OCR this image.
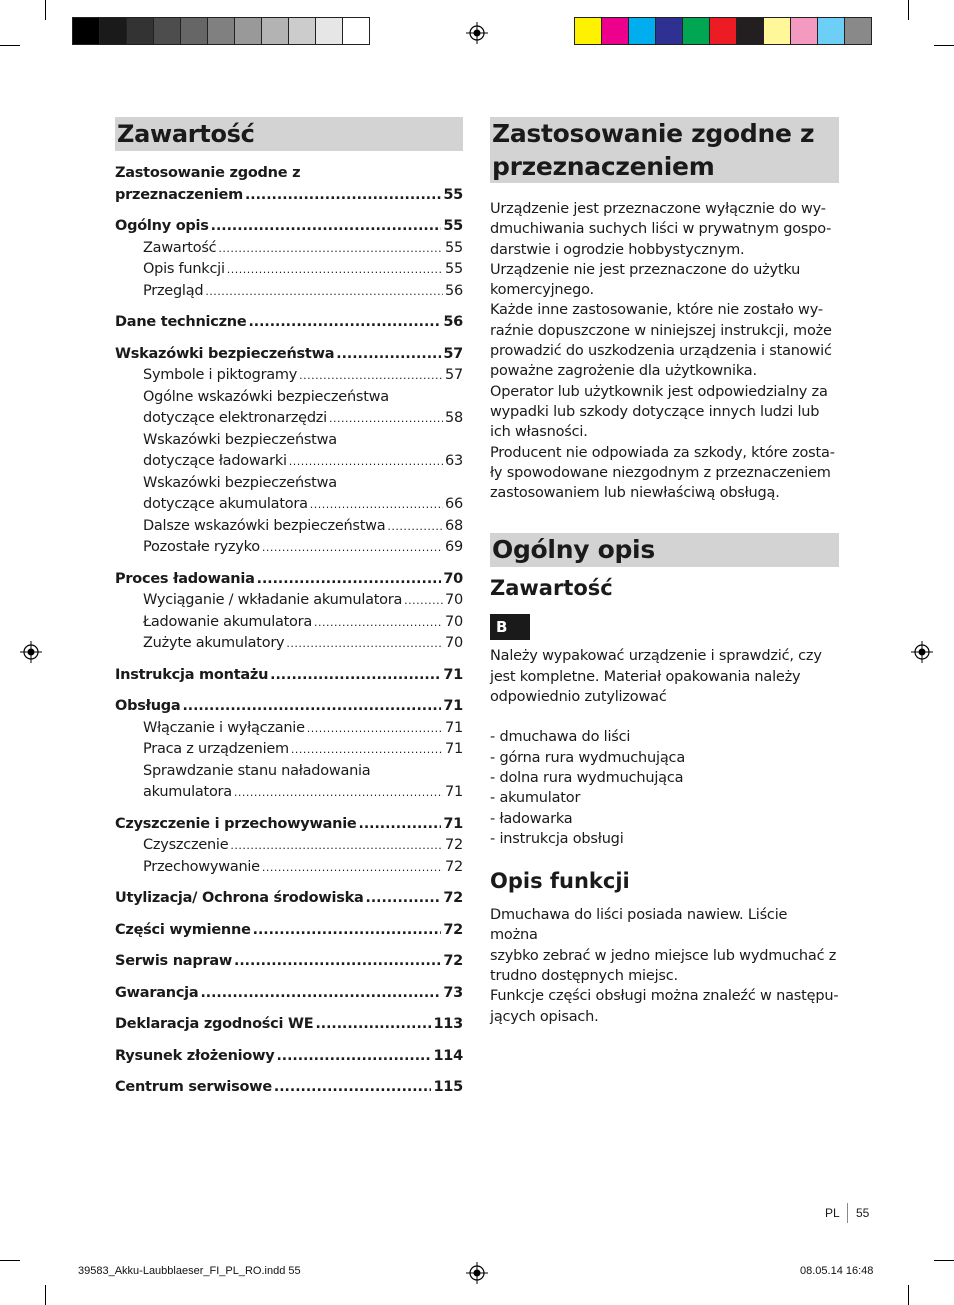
Zawartość
Zastosowanie zgodne z
przeznaczeniem .....	55
Ogólny opis .....	55
Zawartość .....	55
Opis funkcji .....	55
Przegląd .....	56
Dane techniczne .....	56
Wskazówki bezpieczeństwa .....	57
Symbole i piktogramy .....	57
Ogólne wskazówki bezpieczeństwa
dotyczące elektronarzędzi .....	58
Wskazówki bezpieczeństwa
dotyczące ładowarki .....	63
Wskazówki bezpieczeństwa
dotyczące akumulatora .....	66
Dalsze wskazówki bezpieczeństwa .....	68
Pozostałe ryzyko .....	69
Proces ładowania .....	70
Wyciąganie / wkładanie akumulatora .....	70
Ładowanie akumulatora .....	70
Zużyte akumulatory .....	70
Instrukcja montażu .....	71
Obsługa .....	71
Włączanie i wyłączanie .....	71
Praca z urządzeniem .....	71
Sprawdzanie stanu naładowania
akumulatora .....	71
Czyszczenie i przechowywanie .....	71
Czyszczenie .....	72
Przechowywanie .....	72
Utylizacja/ Ochrona środowiska .....	72
Części wymienne .....	72
Serwis napraw .....	72
Gwarancja .....	73
Deklaracja zgodności WE .....	113
Rysunek złożeniowy .....	114
Centrum serwisowe .....	115
Zastosowanie zgodne z przeznaczeniem
Urządzenie jest przeznaczone wyłącznie do wy-
dmuchiwania suchych liści w prywatnym gospo-
darstwie i ogrodzie hobbystycznym.
Urządzenie nie jest przeznaczone do użytku
komercyjnego.
Każde inne zastosowanie, które nie zostało wy-
raźnie dopuszczone w niniejszej instrukcji, może
prowadzić do uszkodzenia urządzenia i stanowić
poważne zagrożenie dla użytkownika.
Operator lub użytkownik jest odpowiedzialny za
wypadki lub szkody dotyczące innych ludzi lub
ich własności.
Producent nie odpowiada za szkody, które zosta-
ły spowodowane niezgodnym z przeznaczeniem
zastosowaniem lub niewłaściwą obsługą.
Ogólny opis
Zawartość
B
Należy wypakować urządzenie i sprawdzić, czy
jest kompletne. Materiał opakowania należy
odpowiednio zutylizować
- dmuchawa do liści
- górna rura wydmuchująca
- dolna rura wydmuchująca
- akumulator
- ładowarka
- instrukcja obsługi
Opis funkcji
Dmuchawa do liści posiada nawiew. Liście można
szybko zebrać w jedno miejsce lub wydmuchać z
trudno dostępnych miejsc.
Funkcje części obsługi można znaleźć w następu-
jących opisach.
PL 55
39583_Akku-Laubblaeser_FI_PL_RO.indd 55	08.05.14 16:48
